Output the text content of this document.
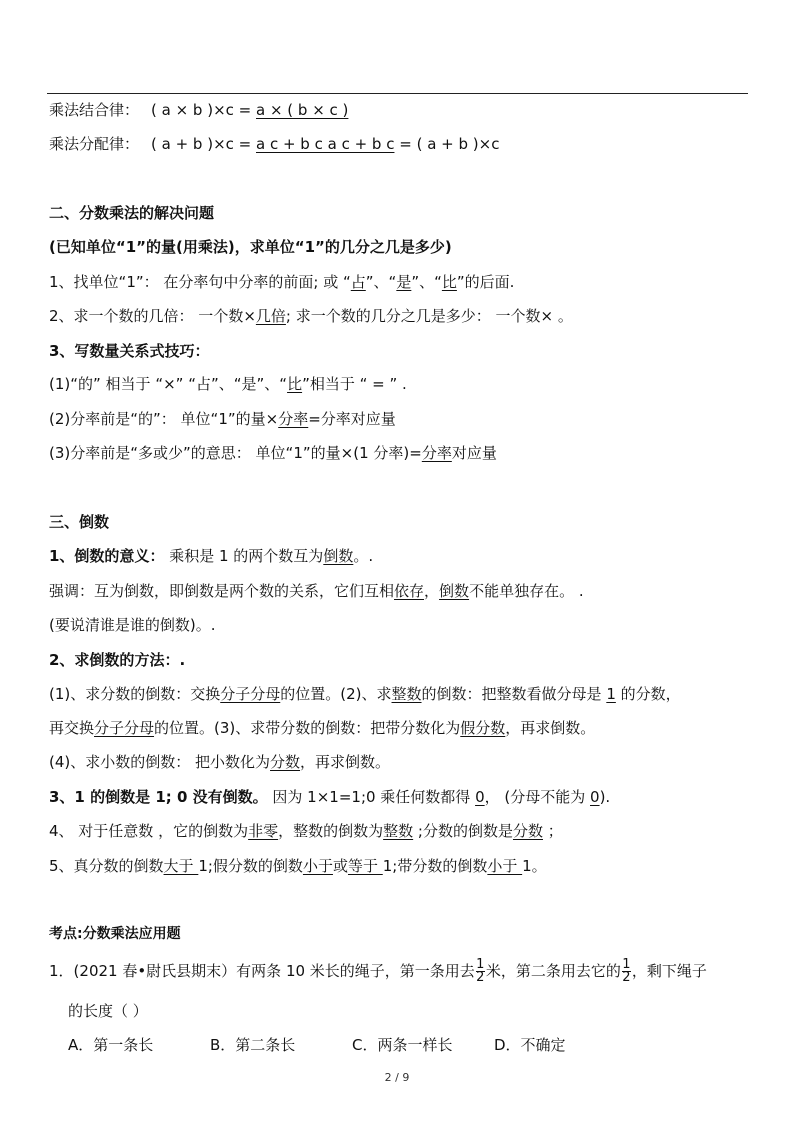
乘法结合律： ( a × b )×c = a × ( b × c )
乘法分配律： ( a + b )×c = a c + b c a c + b c = ( a + b )×c
二、分数乘法的解决问题
(已知单位“1”的量(用乘法)，求单位“1”的几分之几是多少)
1、找单位“1”： 在分率句中分率的前面; 或 “占”、“是”、“比”的后面.
2、求一个数的几倍： 一个数×几倍; 求一个数的几分之几是多少： 一个数× 。
3、写数量关系式技巧：
(1)“的” 相当于 “×” “占”、“是”、“比”相当于 “ = ” .
(2)分率前是“的”： 单位“1”的量×分率=分率对应量
(3)分率前是“多或少”的意思： 单位“1”的量×(1 分率)=分率对应量
三、倒数
1、倒数的意义： 乘积是 1 的两个数互为倒数。.
强调：互为倒数，即倒数是两个数的关系，它们互相依存，倒数不能单独存在。 .
(要说清谁是谁的倒数)。.
2、求倒数的方法：.
(1)、求分数的倒数：交换分子分母的位置。(2)、求整数的倒数：把整数看做分母是 1 的分数，
再交换分子分母的位置。(3)、求带分数的倒数：把带分数化为假分数，再求倒数。
(4)、求小数的倒数： 把小数化为分数，再求倒数。
3、1 的倒数是 1; 0 没有倒数。 因为 1×1=1;0 乘任何数都得 0， (分母不能为 0).
4、 对于任意数 ，它的倒数为非零，整数的倒数为整数 ;分数的倒数是分数 ；
5、真分数的倒数大于 1;假分数的倒数小于或等于 1;带分数的倒数小于 1。
考点:分数乘法应用题
1．(2021 春•尉氏县期末）有两条 10 米长的绳子，第一条用去 $\frac{1}{2}$ 米，第二条用去它的 $\frac{1}{2}$ ，剩下绳子
的长度（ ）
A．第一条长	B．第二条长	C．两条一样长	D．不确定
2 / 9
